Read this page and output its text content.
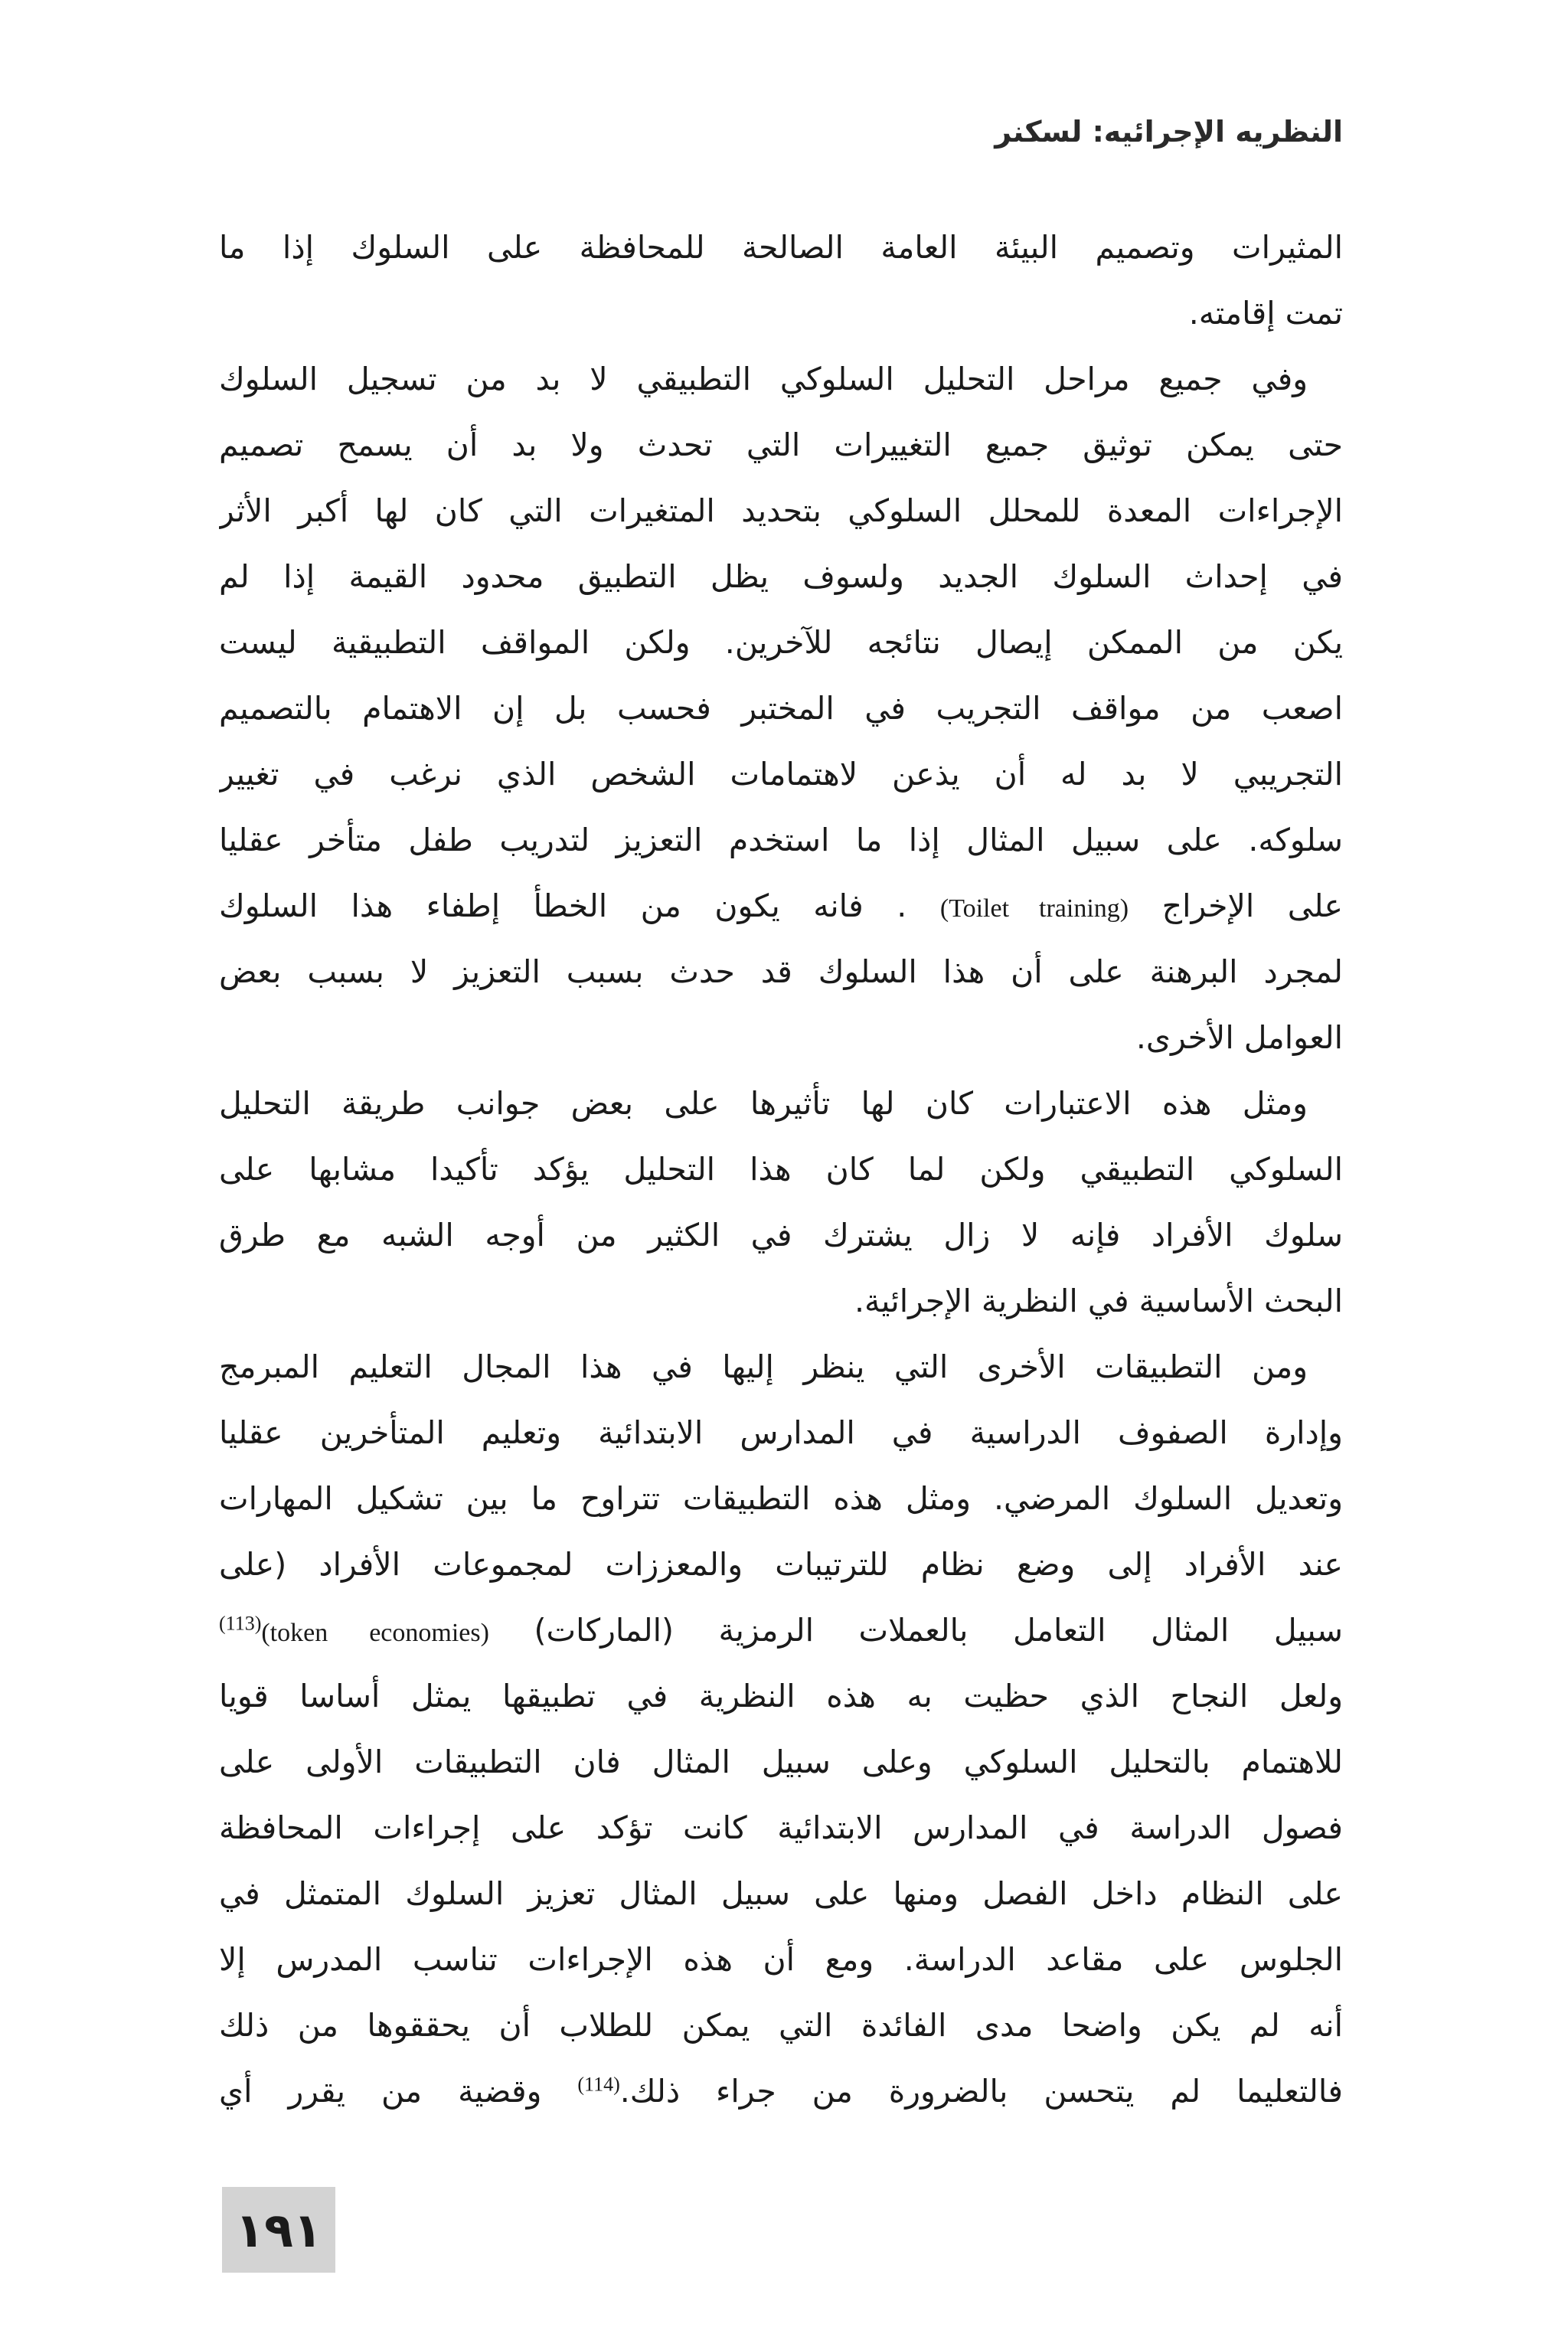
النظريه الإجرائيه: لسكنر
المثيرات وتصميم البيئة العامة الصالحة للمحافظة على السلوك إذا ما
تمت إقامته.
وفي جميع مراحل التحليل السلوكي التطبيقي لا بد من تسجيل السلوك
حتى يمكن توثيق جميع التغييرات التي تحدث ولا بد أن يسمح تصميم
الإجراءات المعدة للمحلل السلوكي بتحديد المتغيرات التي كان لها أكبر الأثر
في إحداث السلوك الجديد ولسوف يظل التطبيق محدود القيمة إذا لم
يكن من الممكن إيصال نتائجه للآخرين. ولكن المواقف التطبيقية ليست
اصعب من مواقف التجريب في المختبر فحسب بل إن الاهتمام بالتصميم
التجريبي لا بد له أن يذعن لاهتمامات الشخص الذي نرغب في تغيير
سلوكه. على سبيل المثال إذا ما استخدم التعزيز لتدريب طفل متأخر عقليا
على الإخراج (Toilet training) . فانه يكون من الخطأ إطفاء هذا السلوك
لمجرد البرهنة على أن هذا السلوك قد حدث بسبب التعزيز لا بسبب بعض
العوامل الأخرى.
ومثل هذه الاعتبارات كان لها تأثيرها على بعض جوانب طريقة التحليل
السلوكي التطبيقي ولكن لما كان هذا التحليل يؤكد تأكيدا مشابها على
سلوك الأفراد فإنه لا زال يشترك في الكثير من أوجه الشبه مع طرق
البحث الأساسية في النظرية الإجرائية.
ومن التطبيقات الأخرى التي ينظر إليها في هذا المجال التعليم المبرمج
وإدارة الصفوف الدراسية في المدارس الابتدائية وتعليم المتأخرين عقليا
وتعديل السلوك المرضي. ومثل هذه التطبيقات تتراوح ما بين تشكيل المهارات
عند الأفراد إلى وضع نظام للترتيبات والمعززات لمجموعات الأفراد (على
سبيل المثال التعامل بالعملات الرمزية (الماركات) (token economies)$^{(113)}$
ولعل النجاح الذي حظيت به هذه النظرية في تطبيقها يمثل أساسا قويا
للاهتمام بالتحليل السلوكي وعلى سبيل المثال فان التطبيقات الأولى على
فصول الدراسة في المدارس الابتدائية كانت تؤكد على إجراءات المحافظة
على النظام داخل الفصل ومنها على سبيل المثال تعزيز السلوك المتمثل في
الجلوس على مقاعد الدراسة. ومع أن هذه الإجراءات تناسب المدرس إلا
أنه لم يكن واضحا مدى الفائدة التي يمكن للطلاب أن يحققوها من ذلك
فالتعليما لم يتحسن بالضرورة من جراء ذلك.$^{(114)}$ وقضية من يقرر أي
١٩١
